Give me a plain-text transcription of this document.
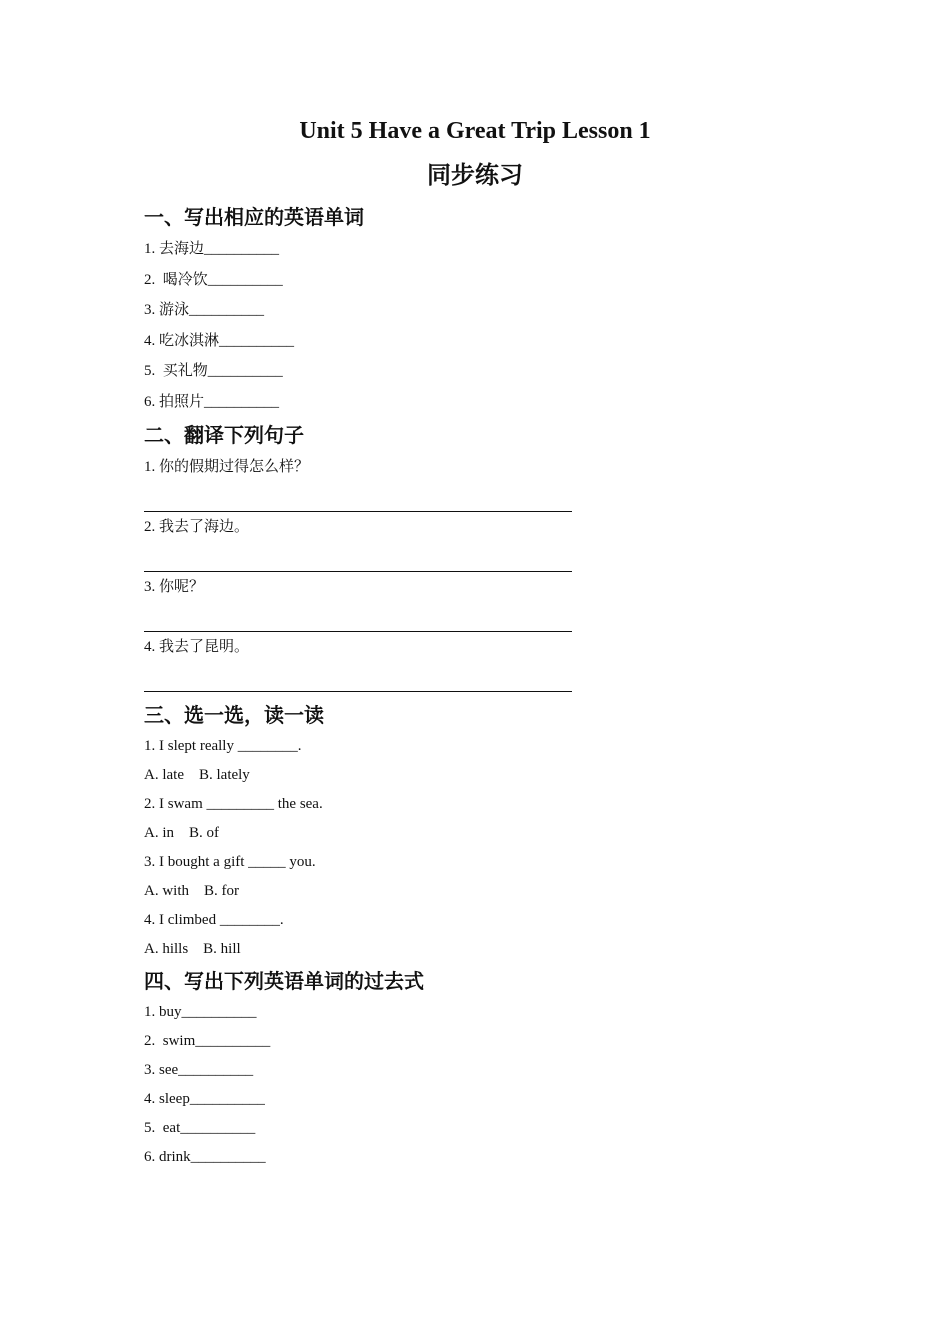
Unit 5 Have a Great Trip Lesson 1
同步练习
一、写出相应的英语单词
1. 去海边__________
2.  喝冷饮__________
3. 游泳__________
4. 吃冰淇淋__________
5.  买礼物__________
6. 拍照片__________
二、翻译下列句子
1. 你的假期过得怎么样？
2. 我去了海边。
3. 你呢？
4. 我去了昆明。
三、选一选，读一读
1. I slept really ________.
A. late    B. lately
2. I swam _________ the sea.
A. in    B. of
3. I bought a gift _____ you.
A. with    B. for
4. I climbed ________.
A. hills    B. hill
四、写出下列英语单词的过去式
1. buy__________
2.  swim__________
3. see__________
4. sleep__________
5.  eat__________
6. drink__________
